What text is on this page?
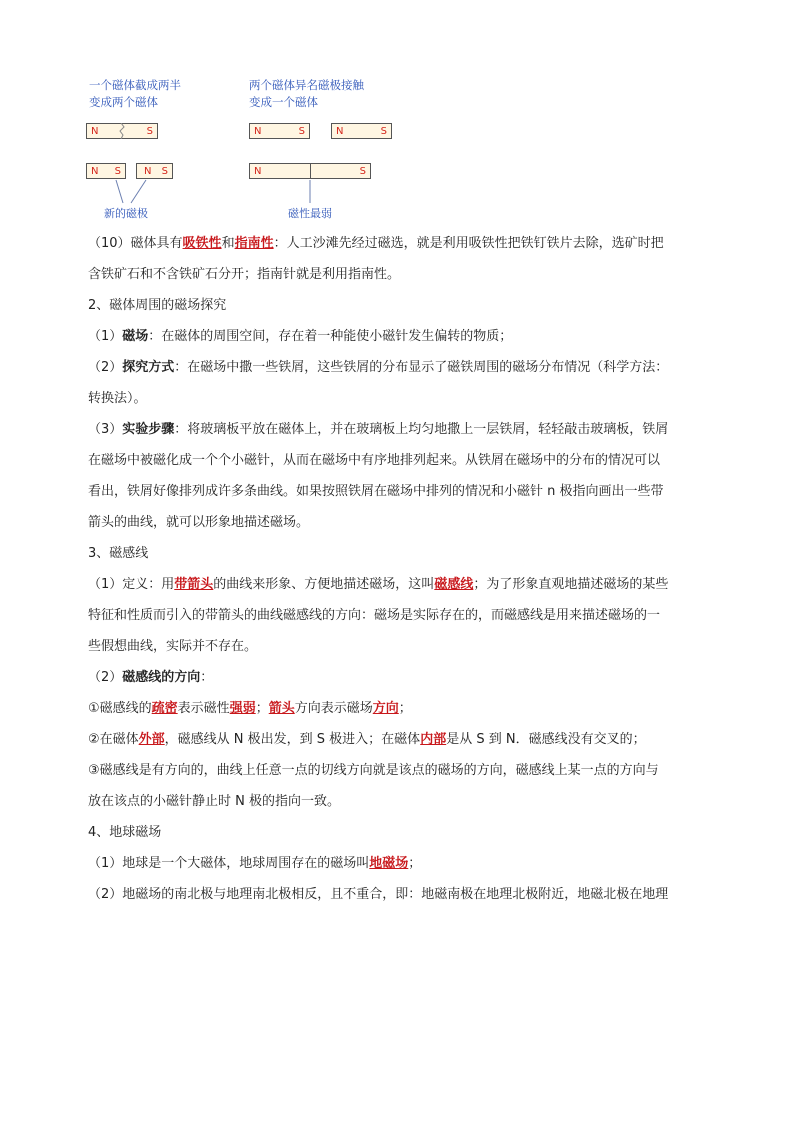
一个磁体截成两半
变成两个磁体
两个磁体异名磁极接触
变成一个磁体
N	S
N S N S
N	S	N	S
N	S
新的磁极	磁性最弱
（10）磁体具有吸铁性和指南性：人工沙滩先经过磁选，就是利用吸铁性把铁钉铁片去除，选矿时把
含铁矿石和不含铁矿石分开；指南针就是利用指南性。
2、磁体周围的磁场探究
（1）磁场：在磁体的周围空间，存在着一种能使小磁针发生偏转的物质；
（2）探究方式：在磁场中撒一些铁屑，这些铁屑的分布显示了磁铁周围的磁场分布情况（科学方法：
转换法）。
（3）实验步骤：将玻璃板平放在磁体上，并在玻璃板上均匀地撒上一层铁屑，轻轻敲击玻璃板，铁屑
在磁场中被磁化成一个个小磁针，从而在磁场中有序地排列起来。从铁屑在磁场中的分布的情况可以
看出，铁屑好像排列成许多条曲线。如果按照铁屑在磁场中排列的情况和小磁针 n 极指向画出一些带
箭头的曲线，就可以形象地描述磁场。
3、磁感线
（1）定义：用带箭头的曲线来形象、方便地描述磁场，这叫磁感线；为了形象直观地描述磁场的某些
特征和性质而引入的带箭头的曲线磁感线的方向：磁场是实际存在的，而磁感线是用来描述磁场的一
些假想曲线，实际并不存在。
（2）磁感线的方向：
①磁感线的疏密表示磁性强弱；箭头方向表示磁场方向；
②在磁体外部，磁感线从 N 极出发，到 S 极进入；在磁体内部是从 S 到 N．磁感线没有交叉的；
③磁感线是有方向的，曲线上任意一点的切线方向就是该点的磁场的方向，磁感线上某一点的方向与
放在该点的小磁针静止时 N 极的指向一致。
4、地球磁场
（1）地球是一个大磁体，地球周围存在的磁场叫地磁场；
（2）地磁场的南北极与地理南北极相反，且不重合，即：地磁南极在地理北极附近，地磁北极在地理
